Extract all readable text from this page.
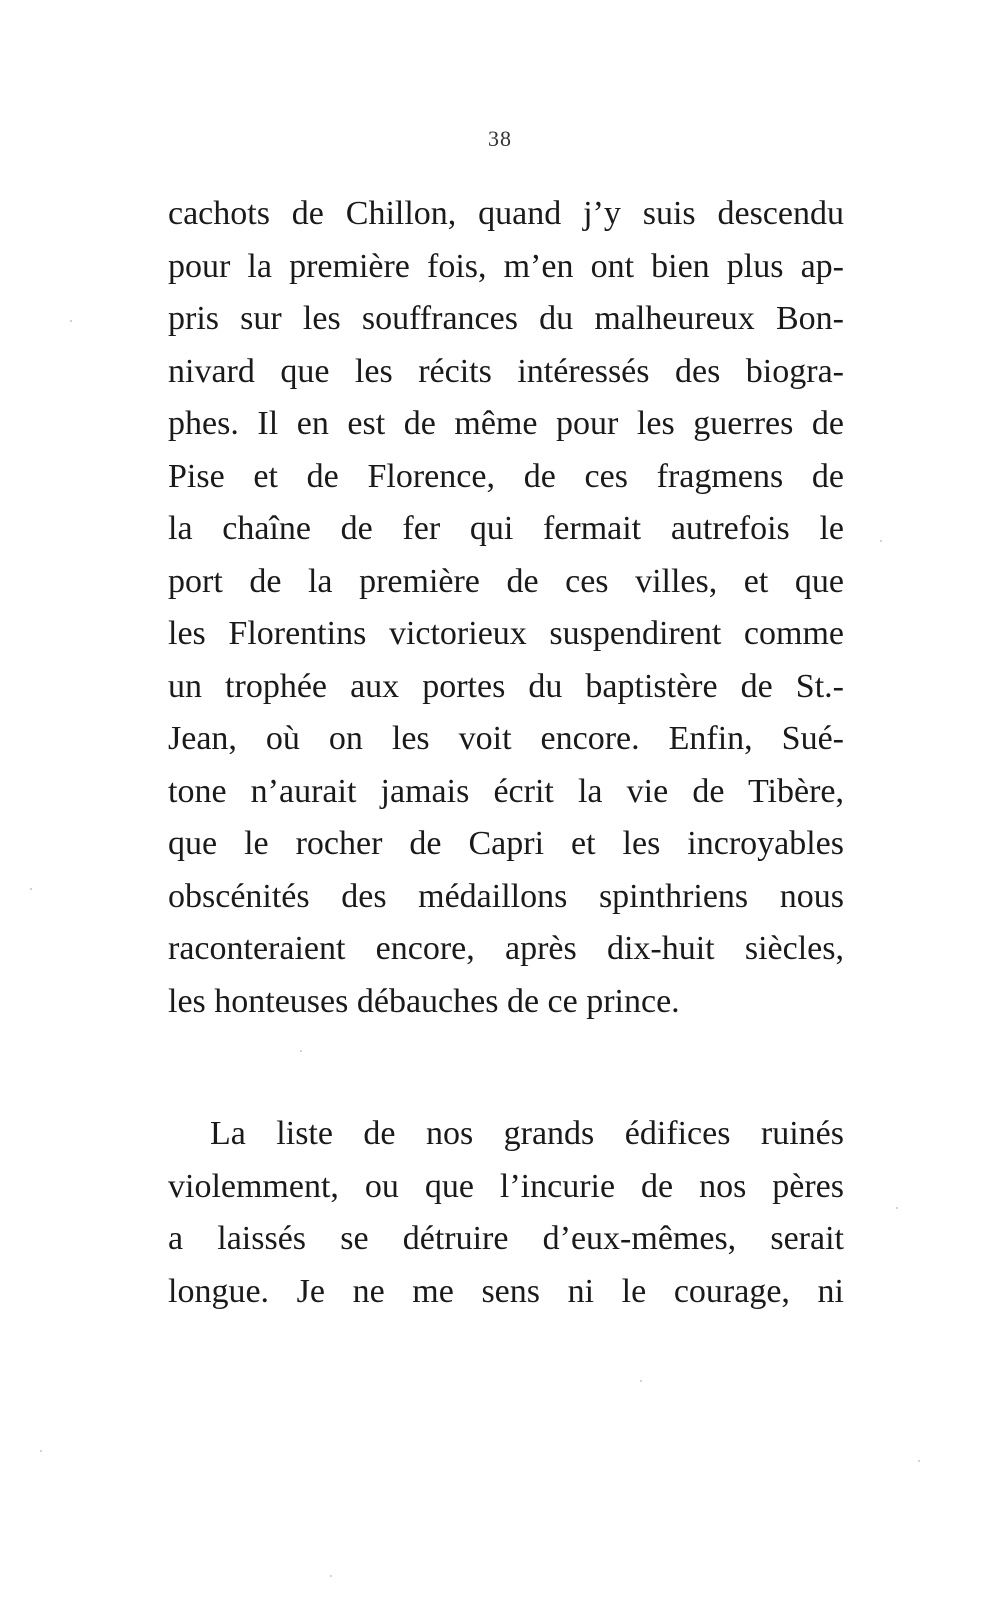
38
cachots de Chillon, quand j’y suis descendu
pour la première fois, m’en ont bien plus ap-
pris sur les souffrances du malheureux Bon-
nivard que les récits intéressés des biogra-
phes. Il en est de même pour les guerres de
Pise et de Florence, de ces fragmens de
la chaîne de fer qui fermait autrefois le
port de la première de ces villes, et que
les Florentins victorieux suspendirent comme
un trophée aux portes du baptistère de St.-
Jean, où on les voit encore. Enfin, Sué-
tone n’aurait jamais écrit la vie de Tibère,
que le rocher de Capri et les incroyables
obscénités des médaillons spinthriens nous
raconteraient encore, après dix-huit siècles,
les honteuses débauches de ce prince.
La liste de nos grands édifices ruinés
violemment, ou que l’incurie de nos pères
a laissés se détruire d’eux-mêmes, serait
longue. Je ne me sens ni le courage, ni
